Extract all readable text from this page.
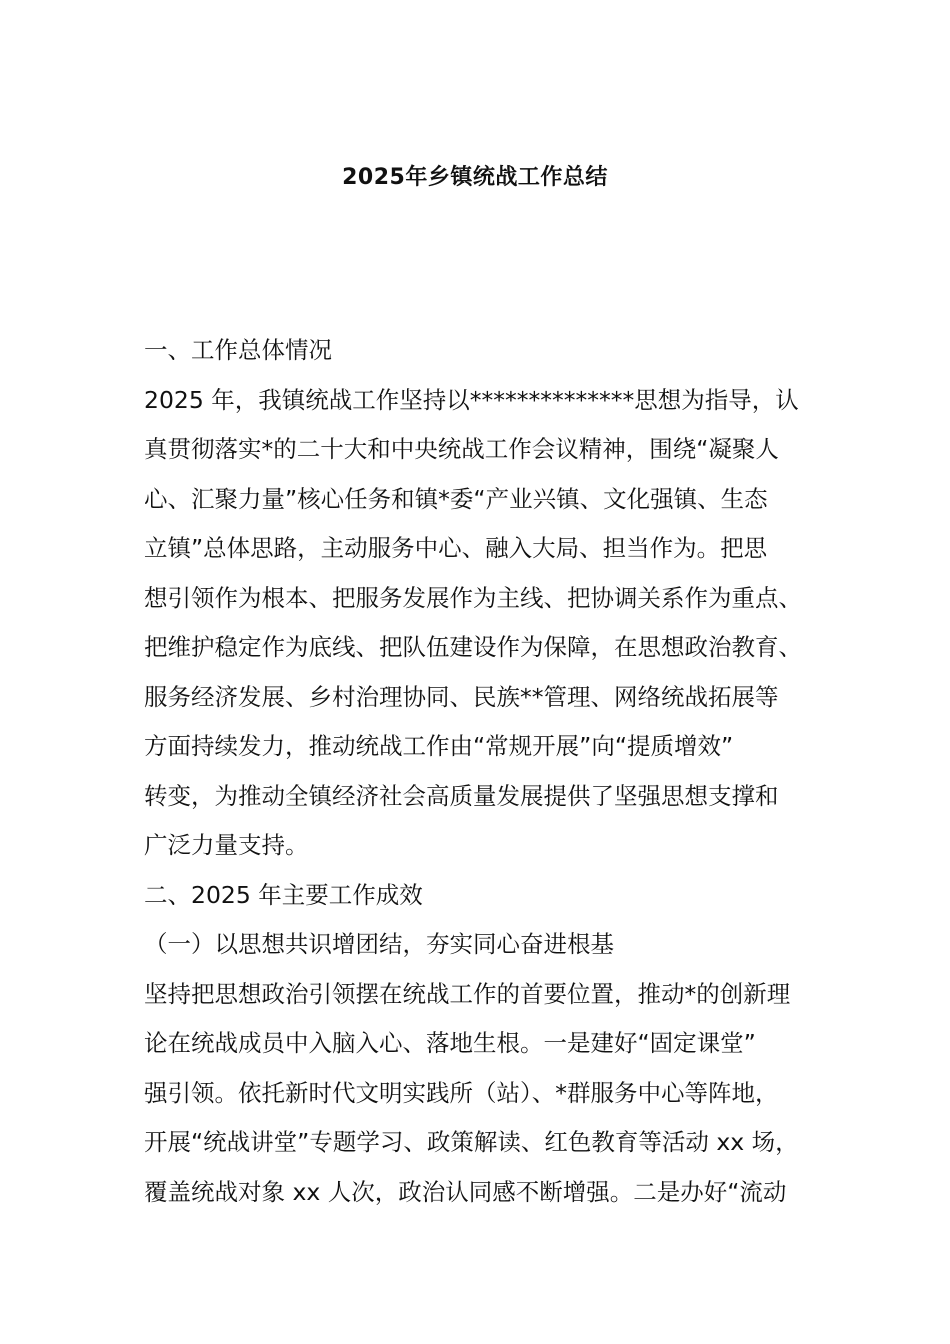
2025年乡镇统战工作总结
一、工作总体情况
2025 年，我镇统战工作坚持以**************思想为指导，认
真贯彻落实*的二十大和中央统战工作会议精神，围绕“凝聚人
心、汇聚力量”核心任务和镇*委“产业兴镇、文化强镇、生态
立镇”总体思路，主动服务中心、融入大局、担当作为。把思
想引领作为根本、把服务发展作为主线、把协调关系作为重点、
把维护稳定作为底线、把队伍建设作为保障，在思想政治教育、
服务经济发展、乡村治理协同、民族**管理、网络统战拓展等
方面持续发力，推动统战工作由“常规开展”向“提质增效”
转变，为推动全镇经济社会高质量发展提供了坚强思想支撑和
广泛力量支持。
二、2025 年主要工作成效
（一）以思想共识增团结，夯实同心奋进根基
坚持把思想政治引领摆在统战工作的首要位置，推动*的创新理
论在统战成员中入脑入心、落地生根。一是建好“固定课堂”
强引领。依托新时代文明实践所（站）、*群服务中心等阵地，
开展“统战讲堂”专题学习、政策解读、红色教育等活动 xx 场，
覆盖统战对象 xx 人次，政治认同感不断增强。二是办好“流动
